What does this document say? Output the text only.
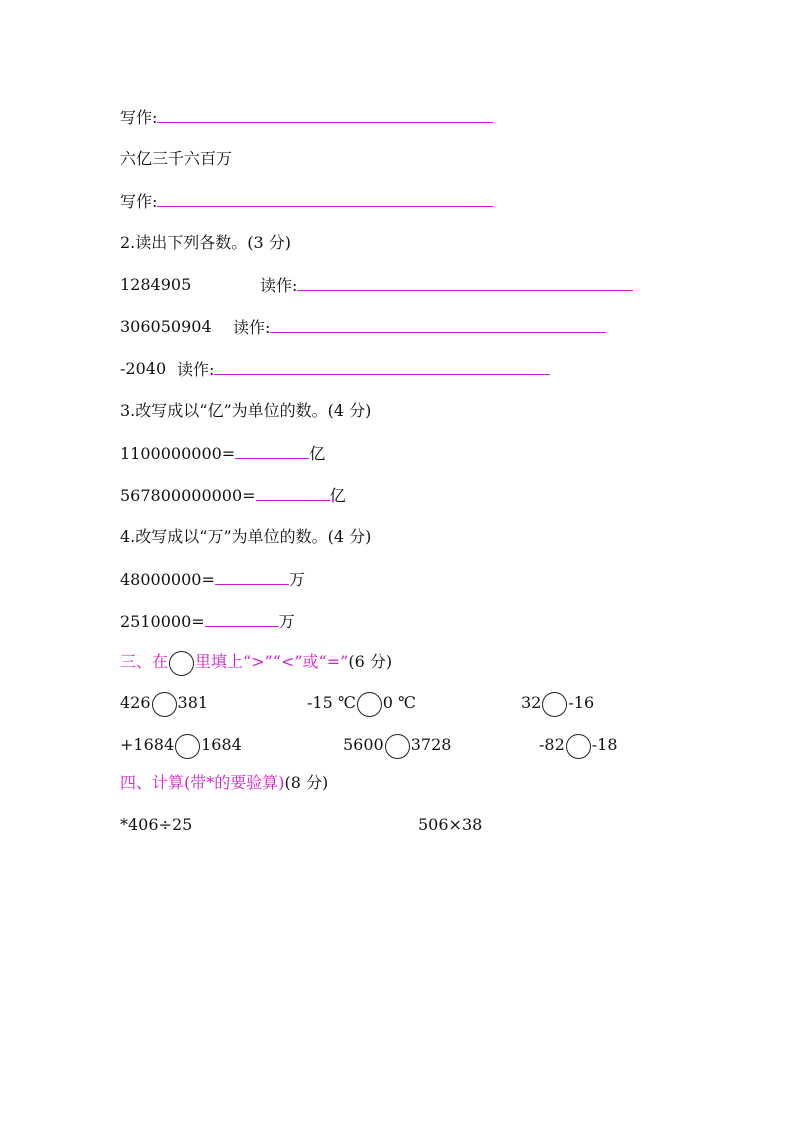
写作:
六亿三千六百万
写作:
2.读出下列各数。(3 分)
1284905	读作:
306050904 读作:
-2040 读作:
3.改写成以“亿”为单位的数。(4 分)
1100000000=	亿
567800000000=	亿
4.改写成以“万”为单位的数。(4 分)
48000000=	万
2510000=	万
三、在 里填上“>”“<”或“=”(6 分)
426 381	-15 ℃ 0 ℃	32 -16
+1684 1684	5600 3728	-82 -18
四、计算(带*的要验算)(8 分)
*406÷25	506×38
